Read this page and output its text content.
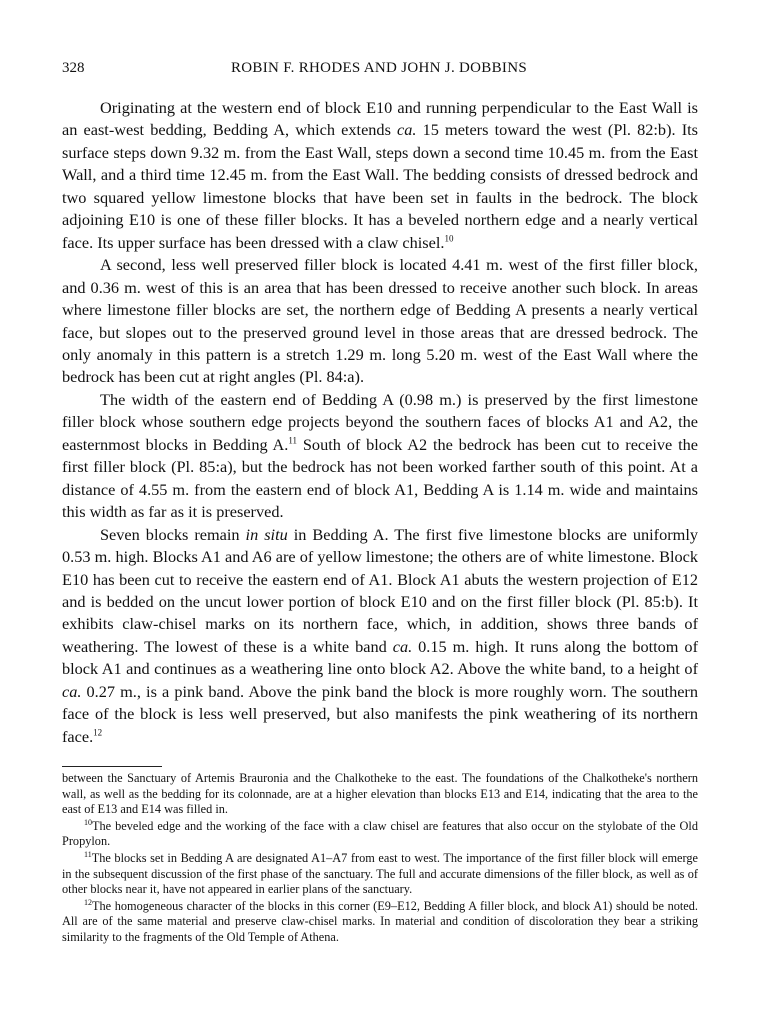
328	ROBIN F. RHODES AND JOHN J. DOBBINS

Originating at the western end of block E10 and running perpendicular to the East Wall is an east-west bedding, Bedding A, which extends ca. 15 meters toward the west (Pl. 82:b). Its surface steps down 9.32 m. from the East Wall, steps down a second time 10.45 m. from the East Wall, and a third time 12.45 m. from the East Wall. The bedding consists of dressed bedrock and two squared yellow limestone blocks that have been set in faults in the bedrock. The block adjoining E10 is one of these filler blocks. It has a beveled northern edge and a nearly vertical face. Its upper surface has been dressed with a claw chisel.$^{10}$

A second, less well preserved filler block is located 4.41 m. west of the first filler block, and 0.36 m. west of this is an area that has been dressed to receive another such block. In areas where limestone filler blocks are set, the northern edge of Bedding A presents a nearly vertical face, but slopes out to the preserved ground level in those areas that are dressed bedrock. The only anomaly in this pattern is a stretch 1.29 m. long 5.20 m. west of the East Wall where the bedrock has been cut at right angles (Pl. 84:a).

The width of the eastern end of Bedding A (0.98 m.) is preserved by the first limestone filler block whose southern edge projects beyond the southern faces of blocks A1 and A2, the easternmost blocks in Bedding A.$^{11}$ South of block A2 the bedrock has been cut to receive the first filler block (Pl. 85:a), but the bedrock has not been worked farther south of this point. At a distance of 4.55 m. from the eastern end of block A1, Bedding A is 1.14 m. wide and maintains this width as far as it is preserved.

Seven blocks remain in situ in Bedding A. The first five limestone blocks are uniformly 0.53 m. high. Blocks A1 and A6 are of yellow limestone; the others are of white limestone. Block E10 has been cut to receive the eastern end of A1. Block A1 abuts the western projection of E12 and is bedded on the uncut lower portion of block E10 and on the first filler block (Pl. 85:b). It exhibits claw-chisel marks on its northern face, which, in addition, shows three bands of weathering. The lowest of these is a white band ca. 0.15 m. high. It runs along the bottom of block A1 and continues as a weathering line onto block A2. Above the white band, to a height of ca. 0.27 m., is a pink band. Above the pink band the block is more roughly worn. The southern face of the block is less well preserved, but also manifests the pink weathering of its northern face.$^{12}$

between the Sanctuary of Artemis Brauronia and the Chalkotheke to the east. The foundations of the Chalkotheke's northern wall, as well as the bedding for its colonnade, are at a higher elevation than blocks E13 and E14, indicating that the area to the east of E13 and E14 was filled in.

$^{10}$The beveled edge and the working of the face with a claw chisel are features that also occur on the stylobate of the Old Propylon.

$^{11}$The blocks set in Bedding A are designated A1–A7 from east to west. The importance of the first filler block will emerge in the subsequent discussion of the first phase of the sanctuary. The full and accurate dimensions of the filler block, as well as of other blocks near it, have not appeared in earlier plans of the sanctuary.

$^{12}$The homogeneous character of the blocks in this corner (E9–E12, Bedding A filler block, and block A1) should be noted. All are of the same material and preserve claw-chisel marks. In material and condition of discoloration they bear a striking similarity to the fragments of the Old Temple of Athena.
